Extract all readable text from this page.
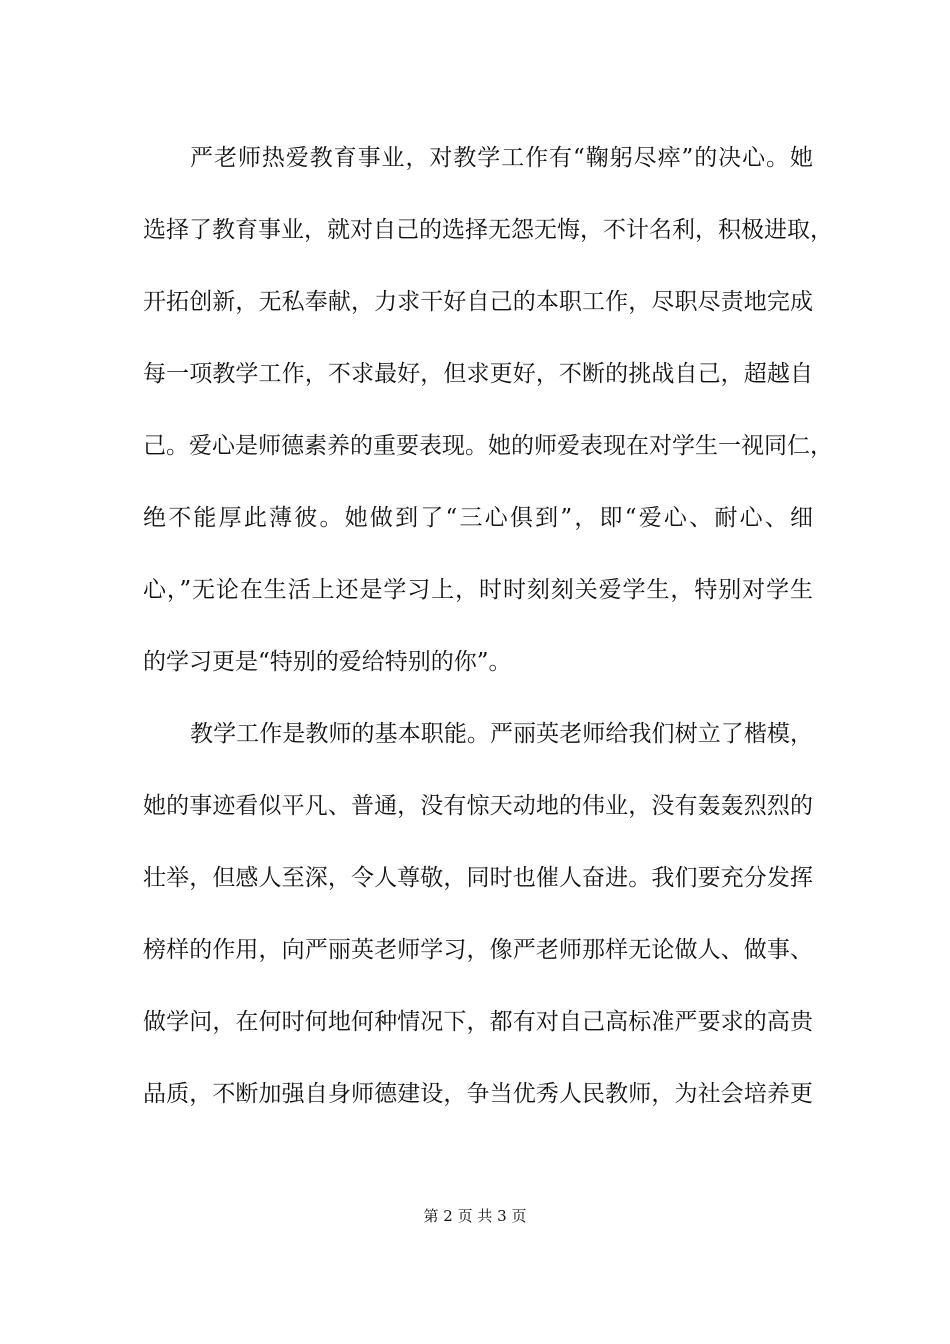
严老师热爱教育事业，对教学工作有“鞠躬尽瘁”的决心。她
选择了教育事业，就对自己的选择无怨无悔，不计名利，积极进取，
开拓创新，无私奉献，力求干好自己的本职工作，尽职尽责地完成
每一项教学工作，不求最好，但求更好，不断的挑战自己，超越自
己。爱心是师德素养的重要表现。她的师爱表现在对学生一视同仁，
绝不能厚此薄彼。她做到了“三心俱到”，即“爱心、耐心、细
心，”无论在生活上还是学习上，时时刻刻关爱学生，特别对学生
的学习更是“特别的爱给特别的你”。
教学工作是教师的基本职能。严丽英老师给我们树立了楷模，
她的事迹看似平凡、普通，没有惊天动地的伟业，没有轰轰烈烈的
壮举，但感人至深，令人尊敬，同时也催人奋进。我们要充分发挥
榜样的作用，向严丽英老师学习，像严老师那样无论做人、做事、
做学问，在何时何地何种情况下，都有对自己高标准严要求的高贵
品质，不断加强自身师德建设，争当优秀人民教师，为社会培养更
第 2 页 共 3 页
